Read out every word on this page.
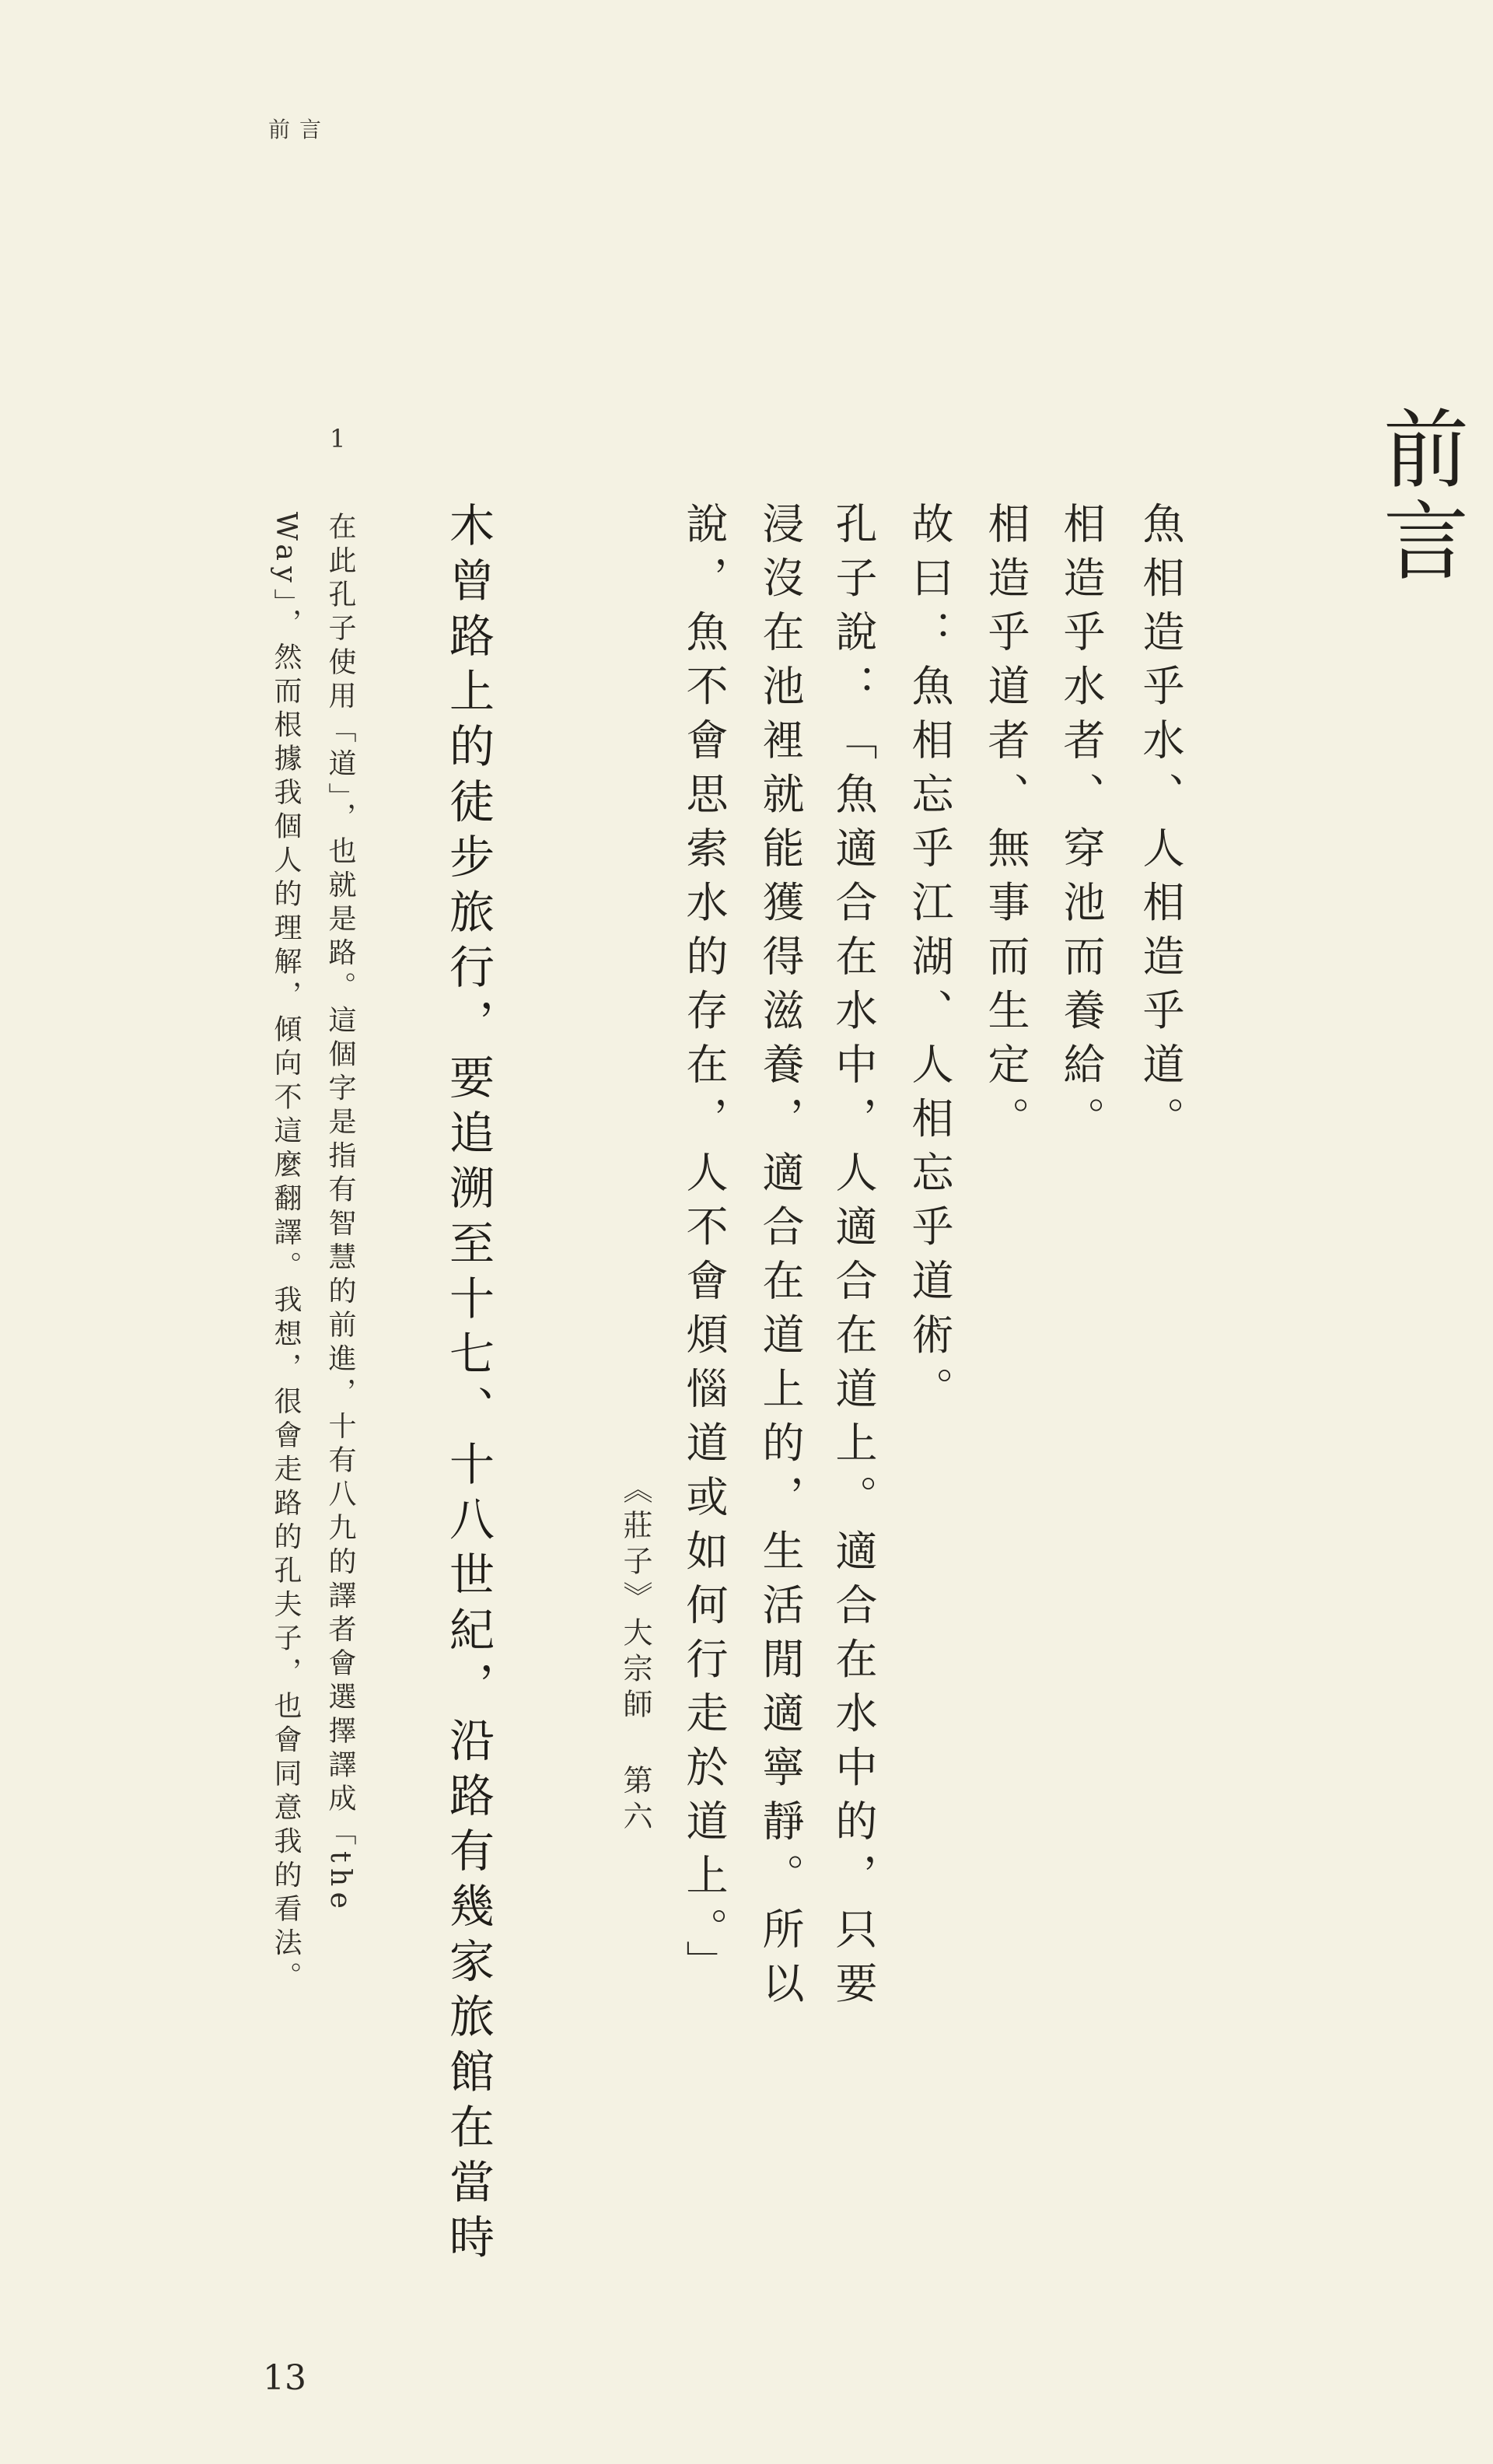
前言
前言
魚相造乎水、人相造乎道。
相造乎水者、穿池而養給。
相造乎道者、無事而生定。
故曰：魚相忘乎江湖、人相忘乎道術。
孔子說：「魚適合在水中，人適合在道上。適合在水中的，只要
浸沒在池裡就能獲得滋養，適合在道上的，生活閒適寧靜。所以
說，魚不會思索水的存在，人不會煩惱道或如何行走於道上。」
《莊子》大宗師第六
木曾路上的徒步旅行，要追溯至十七、十八世紀，沿路有幾家旅館在當時
1
在此孔子使用「道」，也就是路。這個字是指有智慧的前進，十有八九的譯者會選擇譯成「the
Way」，然而根據我個人的理解，傾向不這麼翻譯。我想，很會走路的孔夫子，也會同意我的看法。
13
